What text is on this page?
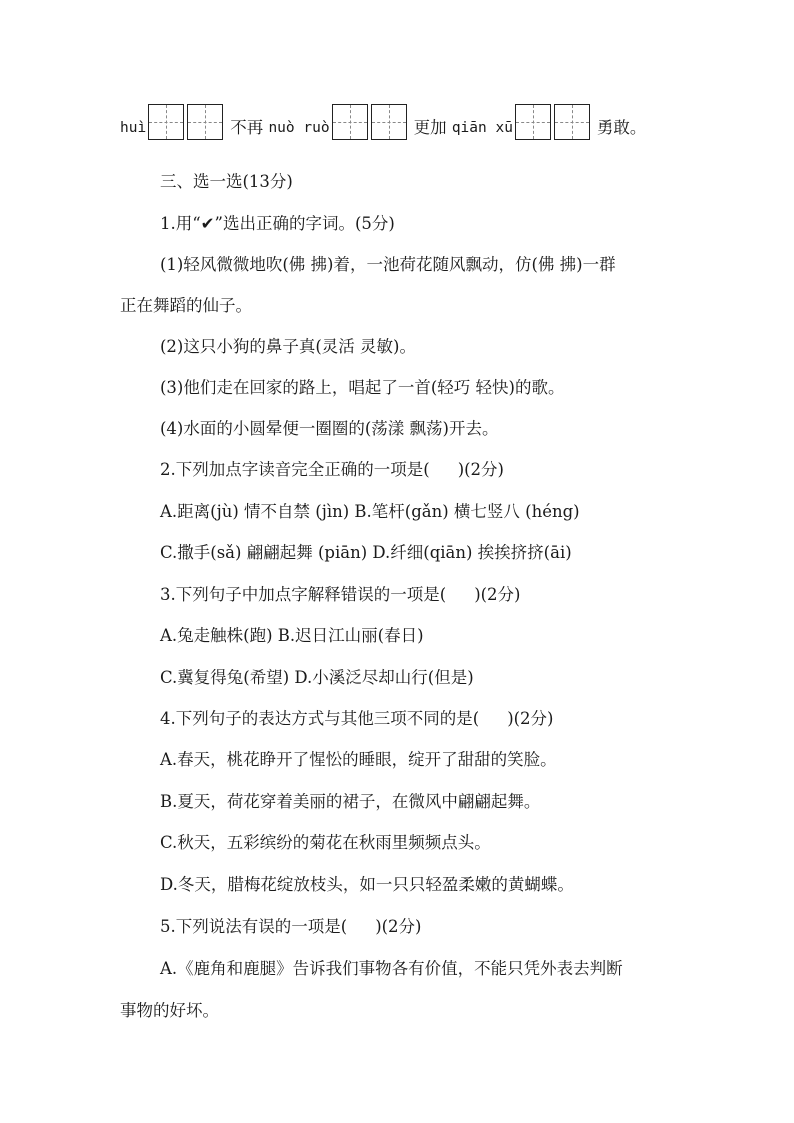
huì	不再 nuò ruò	更加 qiān xū	勇敢。
三、选一选(13分)
1.用“✔”选出正确的字词。(5分)
(1)轻风微微地吹(佛 拂)着，一池荷花随风飘动，仿(佛 拂)一群
正在舞蹈的仙子。
(2)这只小狗的鼻子真(灵活 灵敏)。
(3)他们走在回家的路上，唱起了一首(轻巧 轻快)的歌。
(4)水面的小圆晕便一圈圈的(荡漾 飘荡)开去。
2.下列加点字读音完全正确的一项是( )(2分)
A.距离(jù) 情不自禁 (jìn) B.笔杆(gǎn) 横七竖八 (héng)
C.撒手(sǎ) 翩翩起舞 (piān) D.纤细(qiān) 挨挨挤挤(āi)
3.下列句子中加点字解释错误的一项是( )(2分)
A.兔走触株(跑) B.迟日江山丽(春日)
C.冀复得兔(希望) D.小溪泛尽却山行(但是)
4.下列句子的表达方式与其他三项不同的是( )(2分)
A.春天，桃花睁开了惺忪的睡眼，绽开了甜甜的笑脸。
B.夏天，荷花穿着美丽的裙子，在微风中翩翩起舞。
C.秋天，五彩缤纷的菊花在秋雨里频频点头。
D.冬天，腊梅花绽放枝头，如一只只轻盈柔嫩的黄蝴蝶。
5.下列说法有误的一项是( )(2分)
A.《鹿角和鹿腿》告诉我们事物各有价值，不能只凭外表去判断
事物的好坏。
